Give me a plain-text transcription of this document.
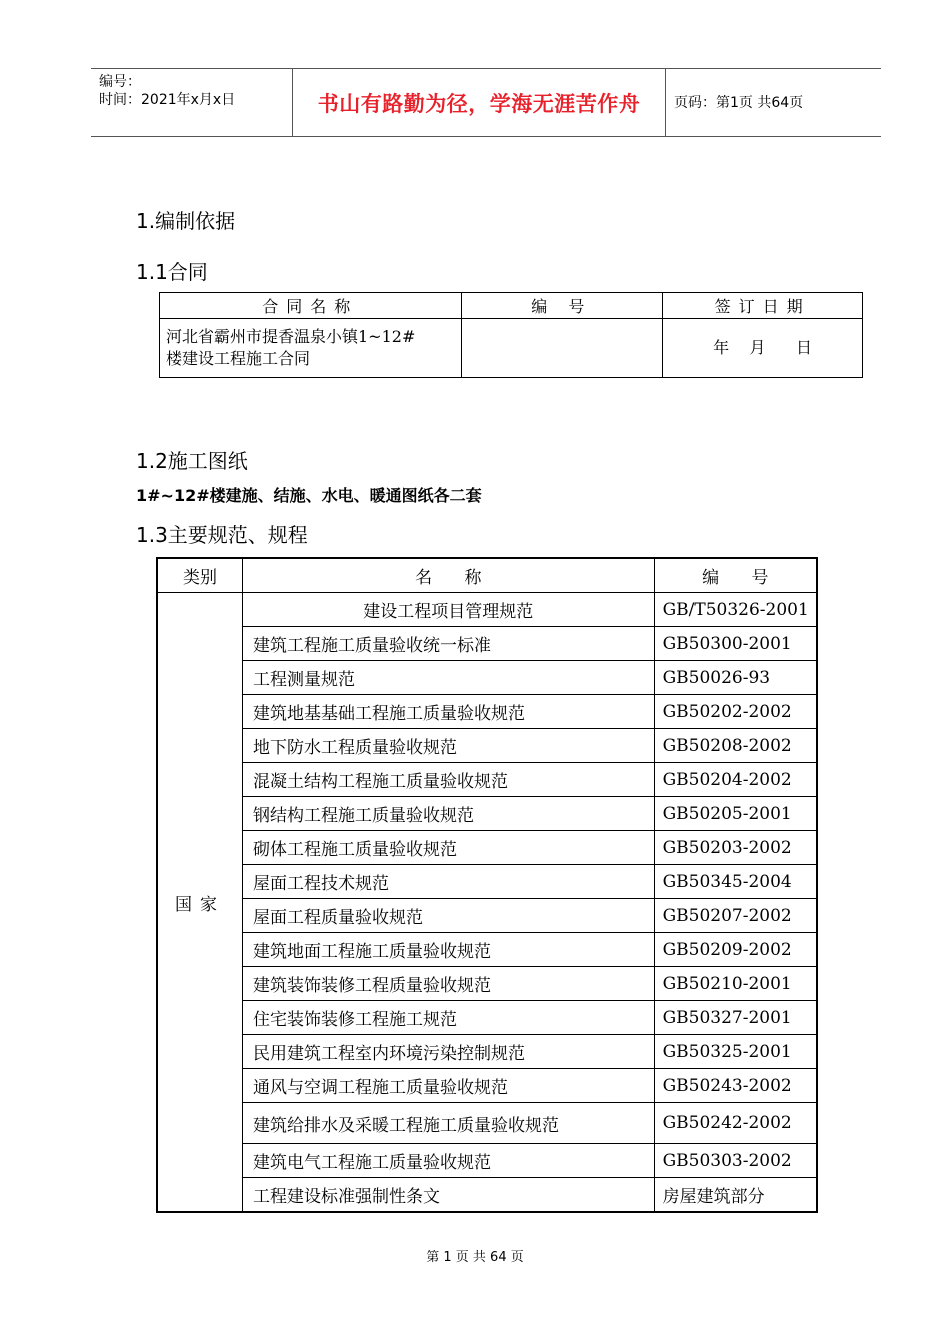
编号：
时间：2021年x月x日	书山有路勤为径，学海无涯苦作舟	页码：第1页 共64页
1.编制依据
1.1合同
合同名称	编 号	签订日期

河北省霸州市提香温泉小镇1~12#
楼建设工程施工合同		年    月      日
1.2施工图纸
1#~12#楼建施、结施、水电、暖通图纸各二套
1.3主要规范、规程
类别	名      称	编      号
国家	建设工程项目管理规范	GB/T50326-2001
	建筑工程施工质量验收统一标准	GB50300-2001
	工程测量规范	GB50026-93
	建筑地基基础工程施工质量验收规范	GB50202-2002
	地下防水工程质量验收规范	GB50208-2002
	混凝土结构工程施工质量验收规范	GB50204-2002
	钢结构工程施工质量验收规范	GB50205-2001
	砌体工程施工质量验收规范	GB50203-2002
	屋面工程技术规范	GB50345-2004
	屋面工程质量验收规范	GB50207-2002
	建筑地面工程施工质量验收规范	GB50209-2002
	建筑装饰装修工程质量验收规范	GB50210-2001
	住宅装饰装修工程施工规范	GB50327-2001
	民用建筑工程室内环境污染控制规范	GB50325-2001
	通风与空调工程施工质量验收规范	GB50243-2002
	建筑给排水及采暖工程施工质量验收规范	GB50242-2002
	建筑电气工程施工质量验收规范	GB50303-2002
	工程建设标准强制性条文	房屋建筑部分
第 1 页 共 64 页
